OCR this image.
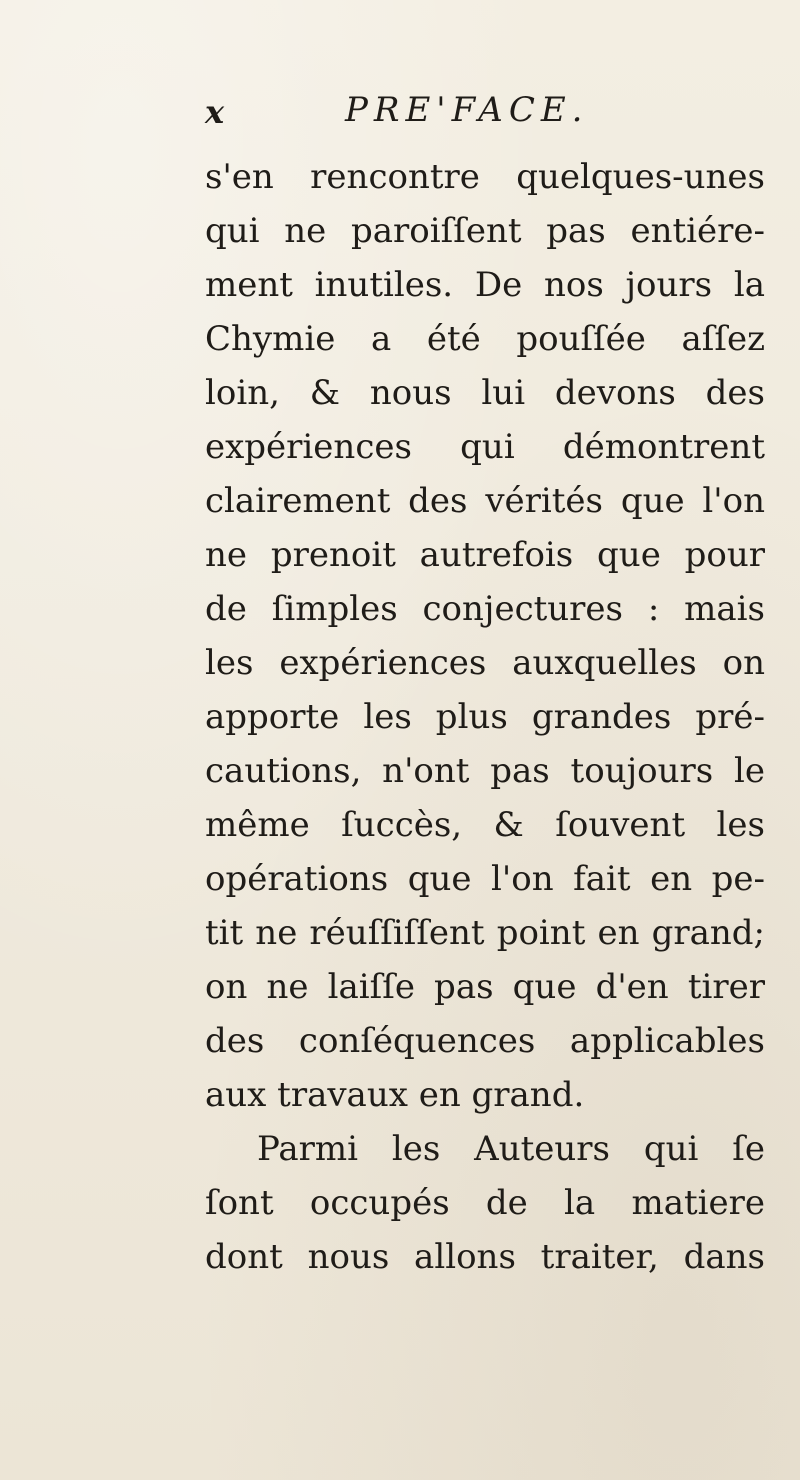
x	PRE'FACE.
s'en rencontre quelques-unes
qui ne paroiſſent pas entiére-
ment inutiles. De nos jours la
Chymie a été pouſſée aſſez
loin, & nous lui devons des
expériences qui démontrent
clairement des vérités que l'on
ne prenoit autrefois que pour
de ſimples conjectures : mais
les expériences auxquelles on
apporte les plus grandes pré-
cautions, n'ont pas toujours le
même ſuccès, & ſouvent les
opérations que l'on fait en pe-
tit ne réuſſiſſent point en grand;
on ne laiſſe pas que d'en tirer
des conſéquences applicables
aux travaux en grand.
Parmi les Auteurs qui ſe
ſont occupés de la matiere
dont nous allons traiter, dans
